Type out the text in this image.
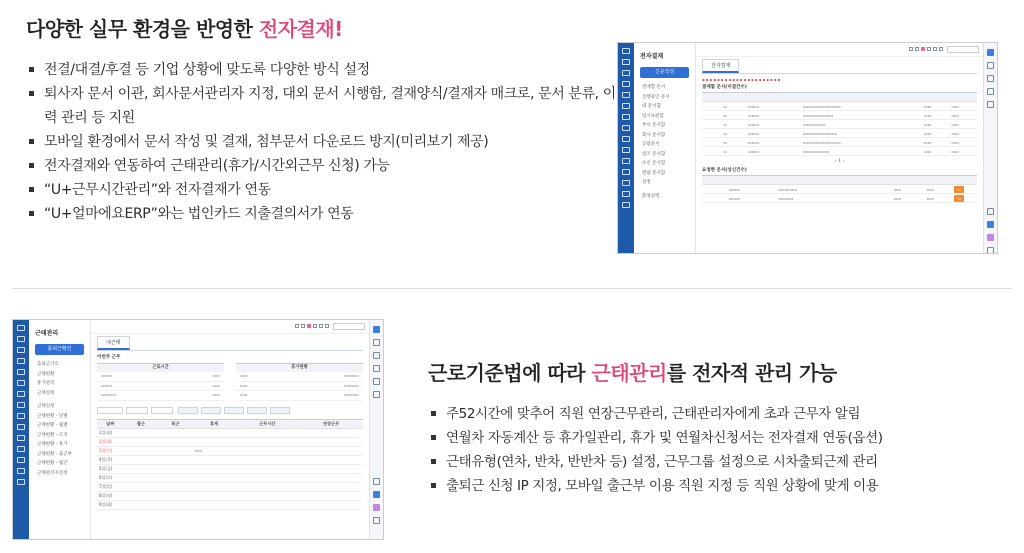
다양한 실무 환경을 반영한 전자결재!
전결/대결/후결 등 기업 상황에 맞도록 다양한 방식 설정
퇴사자 문서 이관, 회사문서관리자 지정, 대외 문서 시행함, 결재양식/결재자 매크로, 문서 분류, 이력 관리 등 지원
모바일 환경에서 문서 작성 및 결재, 첨부문서 다운로드 방지(미리보기 제공)
전자결재와 연동하여 근태관리(휴가/시간외근무 신청) 가능
“U+근무시간관리”와 전자결재가 연동
“U+얼마에요ERP”와는 법인카드 지출결의서가 연동
전자결재
신규작성
결재할 문서
진행중인 문서
내 문서함
임시보관함
부서 문서함
회사 문서함
공람문서
참조 문서함
수신 문서함
열람 문서함
설정
환경설정
전자결재
▪ ▪ ▪ ▪ ▪ ▪ ▪ ▪ ▪ ▪ ▪ ▪ ▪ ▪ ▪ ▪ ▪ ▪ ▪ ▪ ▪
결재할 문서(미결건수)

	▭	▭▭▭	▭▭▭▭▭▭▭▭▭▭	▭▭	▭▭
	▭	▭▭▭	▭▭▭▭▭▭▭▭	▭▭	▭▭
	▭	▭▭▭	▭▭▭▭▭▭	▭▭	▭▭
	▭	▭▭▭	▭▭▭▭▭▭▭▭▭	▭▭	▭▭
	▭	▭▭▭	▭▭▭▭▭▭▭▭▭▭	▭▭	▭▭
	▭	▭▭▭	▭▭▭▭▭▭▭	▭▭	▭▭
‹ 1 ›
요청한 문서(상신건수)

	▭▭▭	▭▭▭▭▭	▭▭	▭▭	▭
	▭▭▭	▭▭▭▭	▭▭	▭▭	▭
근태관리
출퇴근확인
출퇴근기록
근태현황
휴가관리
근태설정
근태신청
근태현황 - 일별
근태현황 - 월별
근태현황 - 조직
근태현황 - 휴가
근태현황 - 출근부
근태현황 - 월간
근태관리자설정
내근태
이번주 근무
근로시간
▭▭▭	▭▭
▭▭▭	▭▭
▭▭▭▭	▭▭
휴가현황
▭▭	▭▭▭▭
▭▭	▭▭▭▭
▭▭	▭▭▭▭

날짜	출근	퇴근	휴게	근무시간	연장근무
1일(월)					
2일(화)					
3일(수)			▭▭		
4일(목)					
5일(금)					
6일(토)					
7일(일)					
8일(월)					
9일(화)					
근로기준법에 따라 근태관리를 전자적 관리 가능
주52시간에 맞추어 직원 연장근무관리, 근태관리자에게 초과 근무자 알림
연월차 자동계산 등 휴가일관리, 휴가 및 연월차신청서는 전자결재 연동(옵션)
근태유형(연차, 반차, 반반차 등) 설정, 근무그룹 설정으로 시차출퇴근제 관리
출퇴근 신청 IP 지정, 모바일 출근부 이용 직원 지정 등 직원 상황에 맞게 이용
